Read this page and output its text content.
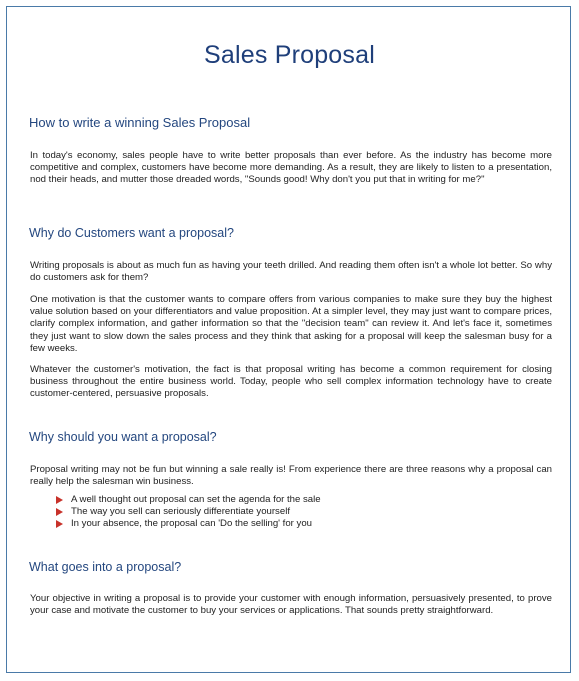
Sales Proposal
How to write a winning Sales Proposal
In today's economy, sales people have to write better proposals than ever before. As the industry has become more competitive and complex, customers have become more demanding. As a result, they are likely to listen to a presentation, nod their heads, and mutter those dreaded words, "Sounds good! Why don't you put that in writing for me?"
Why do Customers want a proposal?
Writing proposals is about as much fun as having your teeth drilled. And reading them often isn't a whole lot better. So why do customers ask for them?
One motivation is that the customer wants to compare offers from various companies to make sure they buy the highest value solution based on your differentiators and value proposition. At a simpler level, they may just want to compare prices, clarify complex information, and gather information so that the "decision team" can review it. And let's face it, sometimes they just want to slow down the sales process and they think that asking for a proposal will keep the salesman busy for a few weeks.
Whatever the customer's motivation, the fact is that proposal writing has become a common requirement for closing business throughout the entire business world. Today, people who sell complex information technology have to create customer-centered, persuasive proposals.
Why should you want a proposal?
Proposal writing may not be fun but winning a sale really is! From experience there are three reasons why a proposal can really help the salesman win business.
A well thought out proposal can set the agenda for the sale
The way you sell can seriously differentiate yourself
In your absence, the proposal can 'Do the selling' for you
What goes into a proposal?
Your objective in writing a proposal is to provide your customer with enough information, persuasively presented, to prove your case and motivate the customer to buy your services or applications. That sounds pretty straightforward.
